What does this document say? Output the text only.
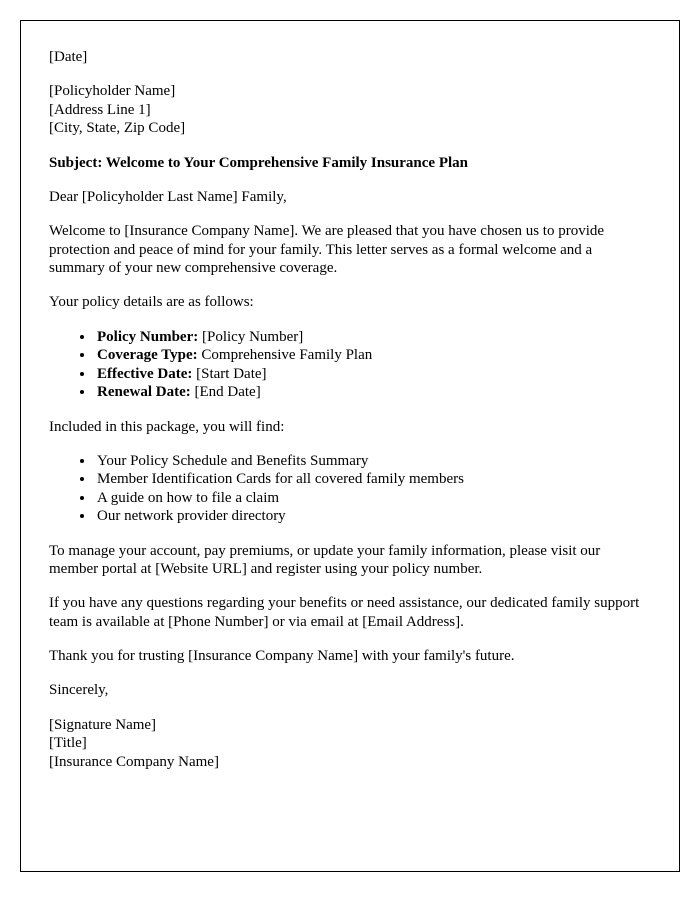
[Date]

[Policyholder Name]
[Address Line 1]
[City, State, Zip Code]

Subject: Welcome to Your Comprehensive Family Insurance Plan

Dear [Policyholder Last Name] Family,

Welcome to [Insurance Company Name]. We are pleased that you have chosen us to provide protection and peace of mind for your family. This letter serves as a formal welcome and a summary of your new comprehensive coverage.

Your policy details are as follows:

• Policy Number: [Policy Number]
• Coverage Type: Comprehensive Family Plan
• Effective Date: [Start Date]
• Renewal Date: [End Date]

Included in this package, you will find:

• Your Policy Schedule and Benefits Summary
• Member Identification Cards for all covered family members
• A guide on how to file a claim
• Our network provider directory

To manage your account, pay premiums, or update your family information, please visit our member portal at [Website URL] and register using your policy number.

If you have any questions regarding your benefits or need assistance, our dedicated family support team is available at [Phone Number] or via email at [Email Address].

Thank you for trusting [Insurance Company Name] with your family's future.

Sincerely,

[Signature Name]
[Title]
[Insurance Company Name]
